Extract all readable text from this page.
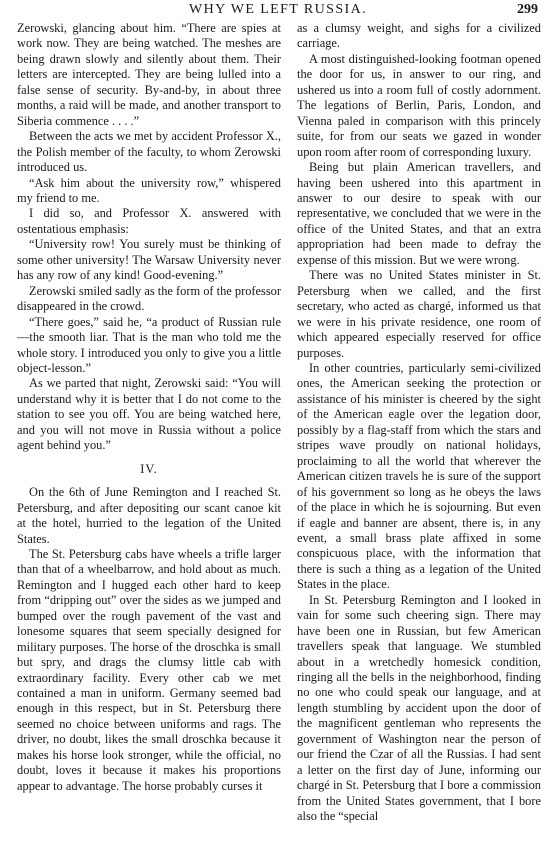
WHY WE LEFT RUSSIA.	299

Zerowski, glancing about him. “There are spies at work now. They are being watched. The meshes are being drawn slowly and silently about them. Their letters are intercepted. They are being lulled into a false sense of security. By-and-by, in about three months, a raid will be made, and another transport to Siberia commence . . . .”

Between the acts we met by accident Professor X., the Polish member of the faculty, to whom Zerowski introduced us.

“Ask him about the university row,” whispered my friend to me.

I did so, and Professor X. answered with ostentatious emphasis:

“University row! You surely must be thinking of some other university! The Warsaw University never has any row of any kind! Good-evening.”

Zerowski smiled sadly as the form of the professor disappeared in the crowd.

“There goes,” said he, “a product of Russian rule—the smooth liar. That is the man who told me the whole story. I introduced you only to give you a little object-lesson.”

As we parted that night, Zerowski said: “You will understand why it is better that I do not come to the station to see you off. You are being watched here, and you will not move in Russia without a police agent behind you.”

IV.

On the 6th of June Remington and I reached St. Petersburg, and after depositing our scant canoe kit at the hotel, hurried to the legation of the United States.

The St. Petersburg cabs have wheels a trifle larger than that of a wheelbarrow, and hold about as much. Remington and I hugged each other hard to keep from “dripping out” over the sides as we jumped and bumped over the rough pavement of the vast and lonesome squares that seem specially designed for military purposes. The horse of the droschka is small but spry, and drags the clumsy little cab with extraordinary facility. Every other cab we met contained a man in uniform. Germany seemed bad enough in this respect, but in St. Petersburg there seemed no choice between uniforms and rags. The driver, no doubt, likes the small droschka because it makes his horse look stronger, while the official, no doubt, loves it because it makes his proportions appear to advantage. The horse probably curses it

as a clumsy weight, and sighs for a civilized carriage.

A most distinguished-looking footman opened the door for us, in answer to our ring, and ushered us into a room full of costly adornment. The legations of Berlin, Paris, London, and Vienna paled in comparison with this princely suite, for from our seats we gazed in wonder upon room after room of corresponding luxury.

Being but plain American travellers, and having been ushered into this apartment in answer to our desire to speak with our representative, we concluded that we were in the office of the United States, and that an extra appropriation had been made to defray the expense of this mission. But we were wrong.

There was no United States minister in St. Petersburg when we called, and the first secretary, who acted as chargé, informed us that we were in his private residence, one room of which appeared especially reserved for office purposes.

In other countries, particularly semi-civilized ones, the American seeking the protection or assistance of his minister is cheered by the sight of the American eagle over the legation door, possibly by a flag-staff from which the stars and stripes wave proudly on national holidays, proclaiming to all the world that wherever the American citizen travels he is sure of the support of his government so long as he obeys the laws of the place in which he is sojourning. But even if eagle and banner are absent, there is, in any event, a small brass plate affixed in some conspicuous place, with the information that there is such a thing as a legation of the United States in the place.

In St. Petersburg Remington and I looked in vain for some such cheering sign. There may have been one in Russian, but few American travellers speak that language. We stumbled about in a wretchedly homesick condition, ringing all the bells in the neighborhood, finding no one who could speak our language, and at length stumbling by accident upon the door of the magnificent gentleman who represents the government of Washington near the person of our friend the Czar of all the Russias. I had sent a letter on the first day of June, informing our chargé in St. Petersburg that I bore a commission from the United States government, that I bore also the “special
